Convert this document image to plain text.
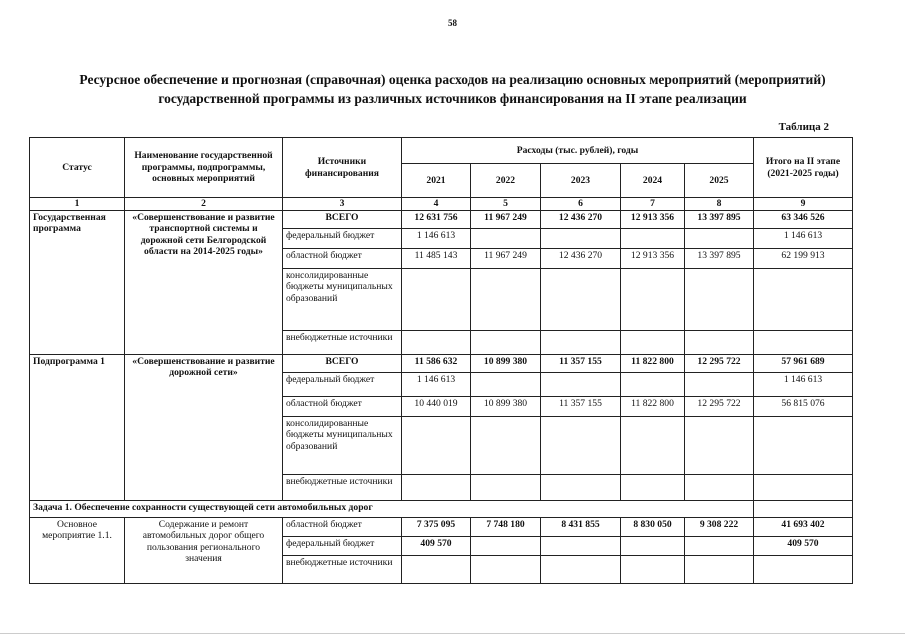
58
Ресурсное обеспечение и прогнозная (справочная) оценка расходов на реализацию основных мероприятий (мероприятий)
государственной программы из различных источников финансирования на II этапе реализации
Таблица 2
Статус	Наименование государственной программы, подпрограммы, основных мероприятий	Источники финансирования	Расходы (тыс. рублей), годы					Итого на II этапе (2021-2025 годы)
			2021	2022	2023	2024	2025	
1	2	3	4	5	6	7	8	9
Государственная программа	«Совершенствование и развитие транспортной системы и дорожной сети Белгородской области на 2014-2025 годы»	ВСЕГО	12 631 756	11 967 249	12 436 270	12 913 356	13 397 895	63 346 526
		федеральный бюджет	1 146 613					1 146 613
		областной бюджет	11 485 143	11 967 249	12 436 270	12 913 356	13 397 895	62 199 913
		консолидированные бюджеты муниципальных образований						
		внебюджетные источники						
Подпрограмма 1	«Совершенствование и развитие дорожной сети»	ВСЕГО	11 586 632	10 899 380	11 357 155	11 822 800	12 295 722	57 961 689
		федеральный бюджет	1 146 613					1 146 613
		областной бюджет	10 440 019	10 899 380	11 357 155	11 822 800	12 295 722	56 815 076
		консолидированные бюджеты муниципальных образований						
		внебюджетные источники						
Задача 1. Обеспечение сохранности существующей сети автомобильных дорог								
Основное мероприятие 1.1.	Содержание и ремонт автомобильных дорог общего пользования регионального значения	областной бюджет	7 375 095	7 748 180	8 431 855	8 830 050	9 308 222	41 693 402
		федеральный бюджет	409 570					409 570
		внебюджетные источники						
